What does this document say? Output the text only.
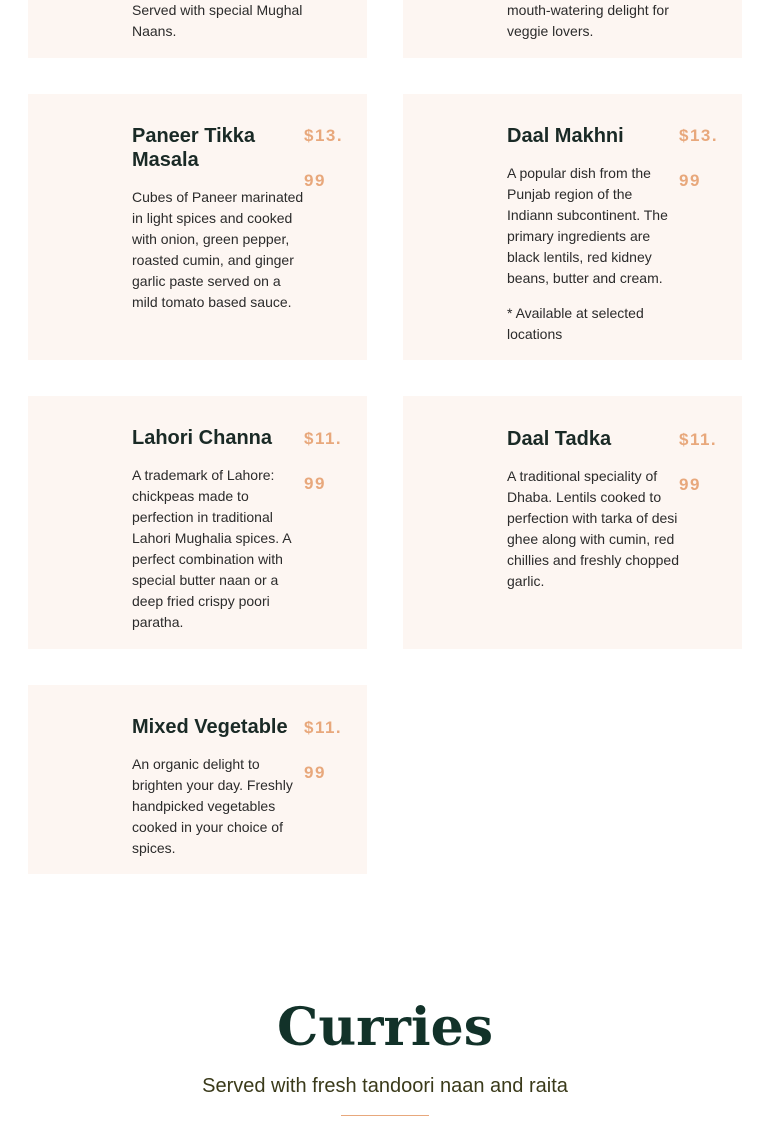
Served with special Mughal Naans.

mouth-watering delight for veggie lovers.

Paneer Tikka Masala
$13.99

Cubes of Paneer marinated in light spices and cooked with onion, green pepper, roasted cumin, and ginger garlic paste served on a mild tomato based sauce.

Daal Makhni	$13.99

A popular dish from the Punjab region of the Indiann subcontinent. The primary ingredients are black lentils, red kidney beans, butter and cream.

* Available at selected locations

Lahori Channa	$11.99

A trademark of Lahore: chickpeas made to perfection in traditional Lahori Mughalia spices. A perfect combination with special butter naan or a deep fried crispy poori paratha.

Daal Tadka	$11.99

A traditional speciality of Dhaba. Lentils cooked to perfection with tarka of desi ghee along with cumin, red chillies and freshly chopped garlic.

Mixed Vegetable $11.99

An organic delight to brighten your day. Freshly handpicked vegetables cooked in your choice of spices.

Curries

Served with fresh tandoori naan and raita
